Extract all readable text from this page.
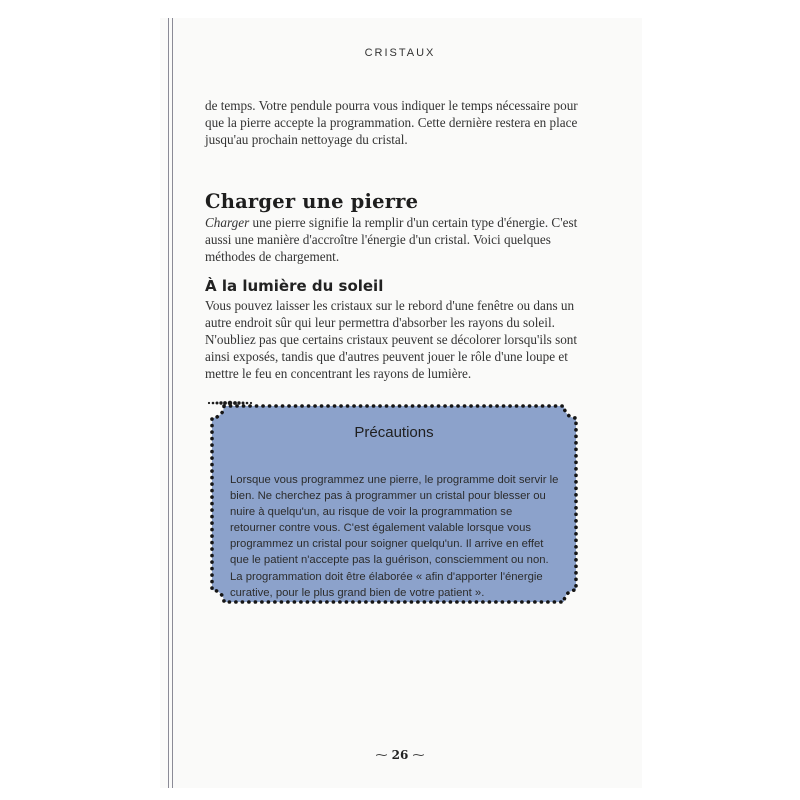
CRISTAUX
de temps. Votre pendule pourra vous indiquer le temps nécessaire pour que la pierre accepte la programmation. Cette dernière restera en place jusqu'au prochain nettoyage du cristal.
Charger une pierre
Charger une pierre signifie la remplir d'un certain type d'énergie. C'est aussi une manière d'accroître l'énergie d'un cristal. Voici quelques méthodes de chargement.
À la lumière du soleil
Vous pouvez laisser les cristaux sur le rebord d'une fenêtre ou dans un autre endroit sûr qui leur permettra d'absorber les rayons du soleil. N'oubliez pas que certains cristaux peuvent se décolorer lorsqu'ils sont ainsi exposés, tandis que d'autres peuvent jouer le rôle d'une loupe et mettre le feu en concentrant les rayons de lumière.
Précautions
Lorsque vous programmez une pierre, le programme doit servir le bien. Ne cherchez pas à programmer un cristal pour blesser ou nuire à quelqu'un, au risque de voir la programmation se retourner contre vous. C'est également valable lorsque vous programmez un cristal pour soigner quelqu'un. Il arrive en effet que le patient n'accepte pas la guérison, consciemment ou non. La programmation doit être élaborée « afin d'apporter l'énergie curative, pour le plus grand bien de votre patient ».
⁓ 26 ⁓
